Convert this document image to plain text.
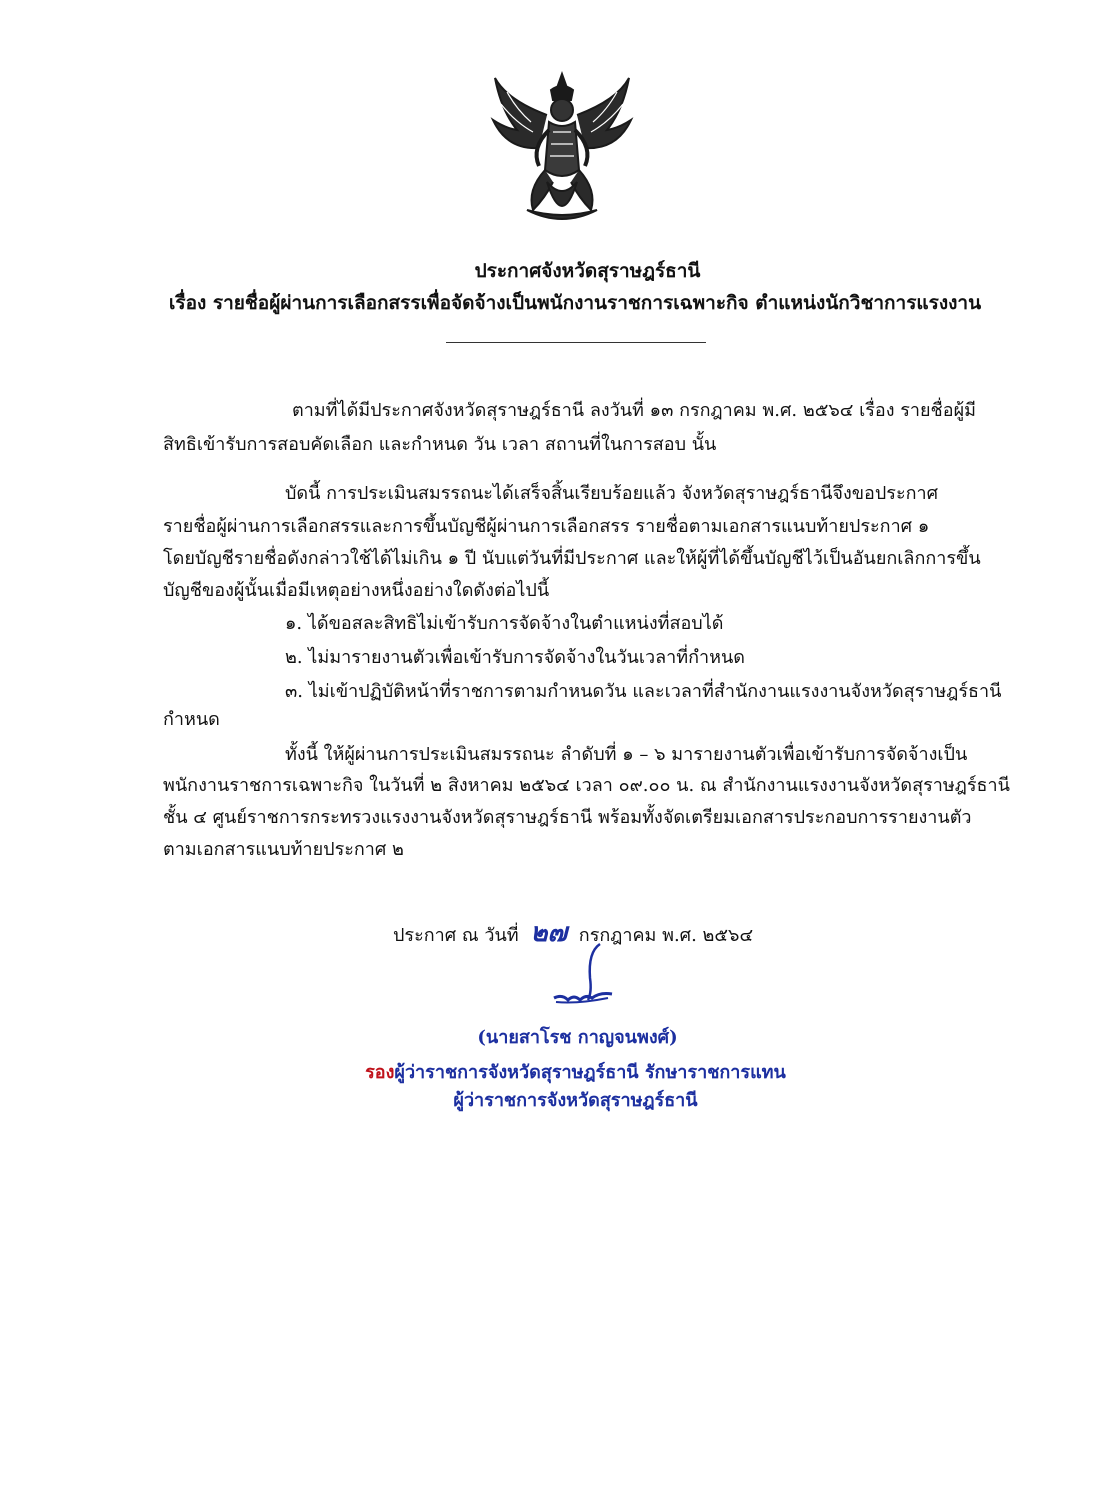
ประกาศจังหวัดสุราษฎร์ธานี
เรื่อง รายชื่อผู้ผ่านการเลือกสรรเพื่อจัดจ้างเป็นพนักงานราชการเฉพาะกิจ ตำแหน่งนักวิชาการแรงงาน
ตามที่ได้มีประกาศจังหวัดสุราษฎร์ธานี ลงวันที่ ๑๓ กรกฎาคม พ.ศ. ๒๕๖๔ เรื่อง รายชื่อผู้มี
สิทธิเข้ารับการสอบคัดเลือก และกำหนด วัน เวลา สถานที่ในการสอบ นั้น
บัดนี้ การประเมินสมรรถนะได้เสร็จสิ้นเรียบร้อยแล้ว จังหวัดสุราษฎร์ธานีจึงขอประกาศ
รายชื่อผู้ผ่านการเลือกสรรและการขึ้นบัญชีผู้ผ่านการเลือกสรร รายชื่อตามเอกสารแนบท้ายประกาศ ๑
โดยบัญชีรายชื่อดังกล่าวใช้ได้ไม่เกิน ๑ ปี นับแต่วันที่มีประกาศ และให้ผู้ที่ได้ขึ้นบัญชีไว้เป็นอันยกเลิกการขึ้น
บัญชีของผู้นั้นเมื่อมีเหตุอย่างหนึ่งอย่างใดดังต่อไปนี้
๑. ได้ขอสละสิทธิไม่เข้ารับการจัดจ้างในตำแหน่งที่สอบได้
๒. ไม่มารายงานตัวเพื่อเข้ารับการจัดจ้างในวันเวลาที่กำหนด
๓. ไม่เข้าปฏิบัติหน้าที่ราชการตามกำหนดวัน และเวลาที่สำนักงานแรงงานจังหวัดสุราษฎร์ธานี
กำหนด
ทั้งนี้ ให้ผู้ผ่านการประเมินสมรรถนะ ลำดับที่ ๑ – ๖ มารายงานตัวเพื่อเข้ารับการจัดจ้างเป็น
พนักงานราชการเฉพาะกิจ ในวันที่ ๒ สิงหาคม ๒๕๖๔ เวลา ๐๙.๐๐ น. ณ สำนักงานแรงงานจังหวัดสุราษฎร์ธานี
ชั้น ๔ ศูนย์ราชการกระทรวงแรงงานจังหวัดสุราษฎร์ธานี พร้อมทั้งจัดเตรียมเอกสารประกอบการรายงานตัว
ตามเอกสารแนบท้ายประกาศ ๒
ประกาศ ณ วันที่ ๒๗ กรกฎาคม พ.ศ. ๒๕๖๔
(นายสาโรช กาญจนพงศ์)
รองผู้ว่าราชการจังหวัดสุราษฎร์ธานี รักษาราชการแทน
ผู้ว่าราชการจังหวัดสุราษฎร์ธานี
